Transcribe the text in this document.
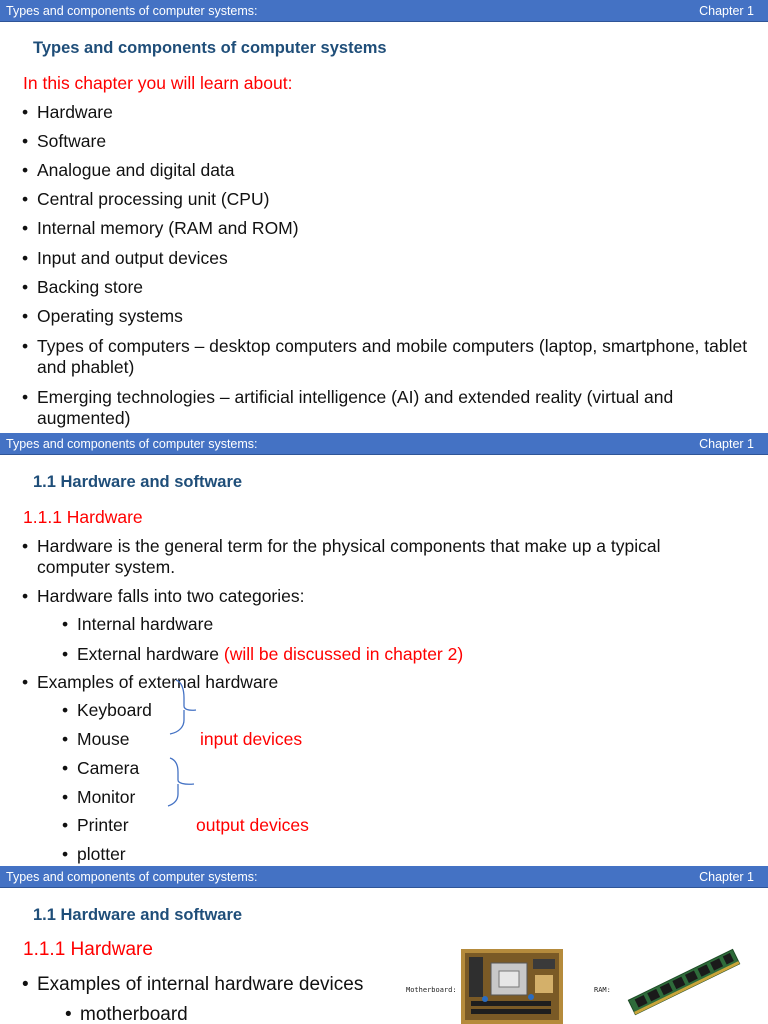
Types and components of computer systems:	Chapter 1
Types and components of computer systems
In this chapter you will learn about:
• Hardware
• Software
• Analogue and digital data
• Central processing unit (CPU)
• Internal memory (RAM and ROM)
• Input and output devices
• Backing store
• Operating systems
• Types of computers – desktop computers and mobile computers (laptop, smartphone, tablet and phablet)
• Emerging technologies – artificial intelligence (AI) and extended reality (virtual and augmented)
Types and components of computer systems:	Chapter 1
1.1 Hardware and software
1.1.1 Hardware
• Hardware is the general term for the physical components that make up a typical computer system.
• Hardware falls into two categories:
• Internal hardware
• External hardware (will be discussed in chapter 2)
• Examples of external hardware
• Keyboard
• Mouse
• Camera
• Monitor
• Printer
• plotter
input devices
output devices
Types and components of computer systems:	Chapter 1
1.1 Hardware and software
1.1.1 Hardware
• Examples of internal hardware devices
• motherboard
Motherboard:	RAM:
